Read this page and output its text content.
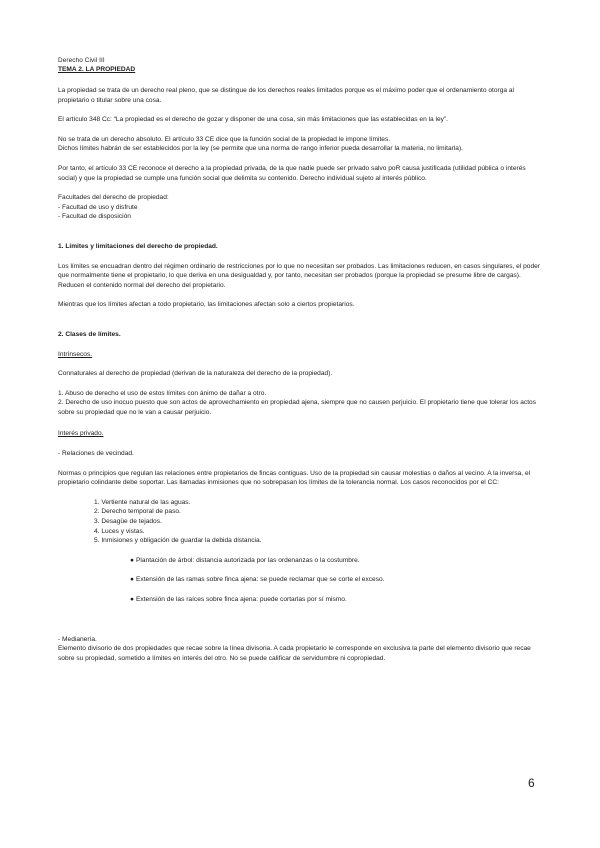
Derecho Civil III
TEMA 2. LA PROPIEDAD

La propiedad se trata de un derecho real pleno, que se distingue de los derechos reales limitados porque es el máximo poder que el ordenamiento otorga al propietario o titular sobre una cosa.

El artículo 348 Cc: “La propiedad es el derecho de gozar y disponer de una cosa, sin más limitaciones que las establecidas en la ley”.

No se trata de un derecho absoluto. El artículo 33 CE dice que la función social de la propiedad le impone límites.

Dichos límites habrán de ser establecidos por la ley (se permite que una norma de rango inferior pueda desarrollar la materia, no limitarla).

Por tanto, el artículo 33 CE reconoce el derecho a la propiedad privada, de la que nadie puede ser privado salvo poR causa justificada (utilidad pública o interés social) y que la propiedad se cumple una función social que delimita su contenido. Derecho individual sujeto al interés público.

Facultades del derecho de propiedad:

- Facultad de uso y disfrute

- Facultad de disposición

1. Límites y limitaciones del derecho de propiedad.

Los límites se encuadran dentro del régimen ordinario de restricciones por lo que no necesitan ser probados. Las limitaciones reducen, en casos singulares, el poder que normalmente tiene el propietario, lo que deriva en una desigualdad y, por tanto, necesitan ser probados (porque la propiedad se presume libre de cargas). Reducen el contenido normal del derecho del propietario.

Mientras que los límites afectan a todo propietario, las limitaciones afectan solo a ciertos propietarios.

2. Clases de límites.
Intrínsecos.

Connaturales al derecho de propiedad (derivan de la naturaleza del derecho de la propiedad).

1. Abuso de derecho el uso de estos límites con ánimo de dañar a otro.

2. Derecho de uso inocuo puesto que son actos de aprovechamiento en propiedad ajena, siempre que no causen perjuicio. El propietario tiene que tolerar los actos sobre su propiedad que no le van a causar perjuicio.

Interés privado.

- Relaciones de vecindad.

Normas o principios que regulan las relaciones entre propietarios de fincas contiguas. Uso de la propiedad sin causar molestias o daños al vecino. A la inversa, el propietario colindante debe soportar. Las llamadas inmisiones que no sobrepasan los límites de la tolerancia normal. Los casos reconocidos por el CC:

1. Vertiente natural de las aguas.
2. Derecho temporal de paso.
3. Desagüe de tejados.
4. Luces y vistas.
5. Inmisiones y obligación de guardar la debida distancia.
● Plantación de árbol: distancia autorizada por las ordenanzas o la costumbre.
● Extensión de las ramas sobre finca ajena: se puede reclamar que se corte el exceso.
● Extensión de las raíces sobre finca ajena: puede cortarlas por sí mismo.

- Medianería.

Elemento divisorio de dos propiedades que recae sobre la línea divisoria. A cada propietario le corresponde en exclusiva la parte del elemento divisorio que recae sobre su propiedad, sometido a límites en interés del otro. No se puede calificar de servidumbre ni copropiedad.

6
